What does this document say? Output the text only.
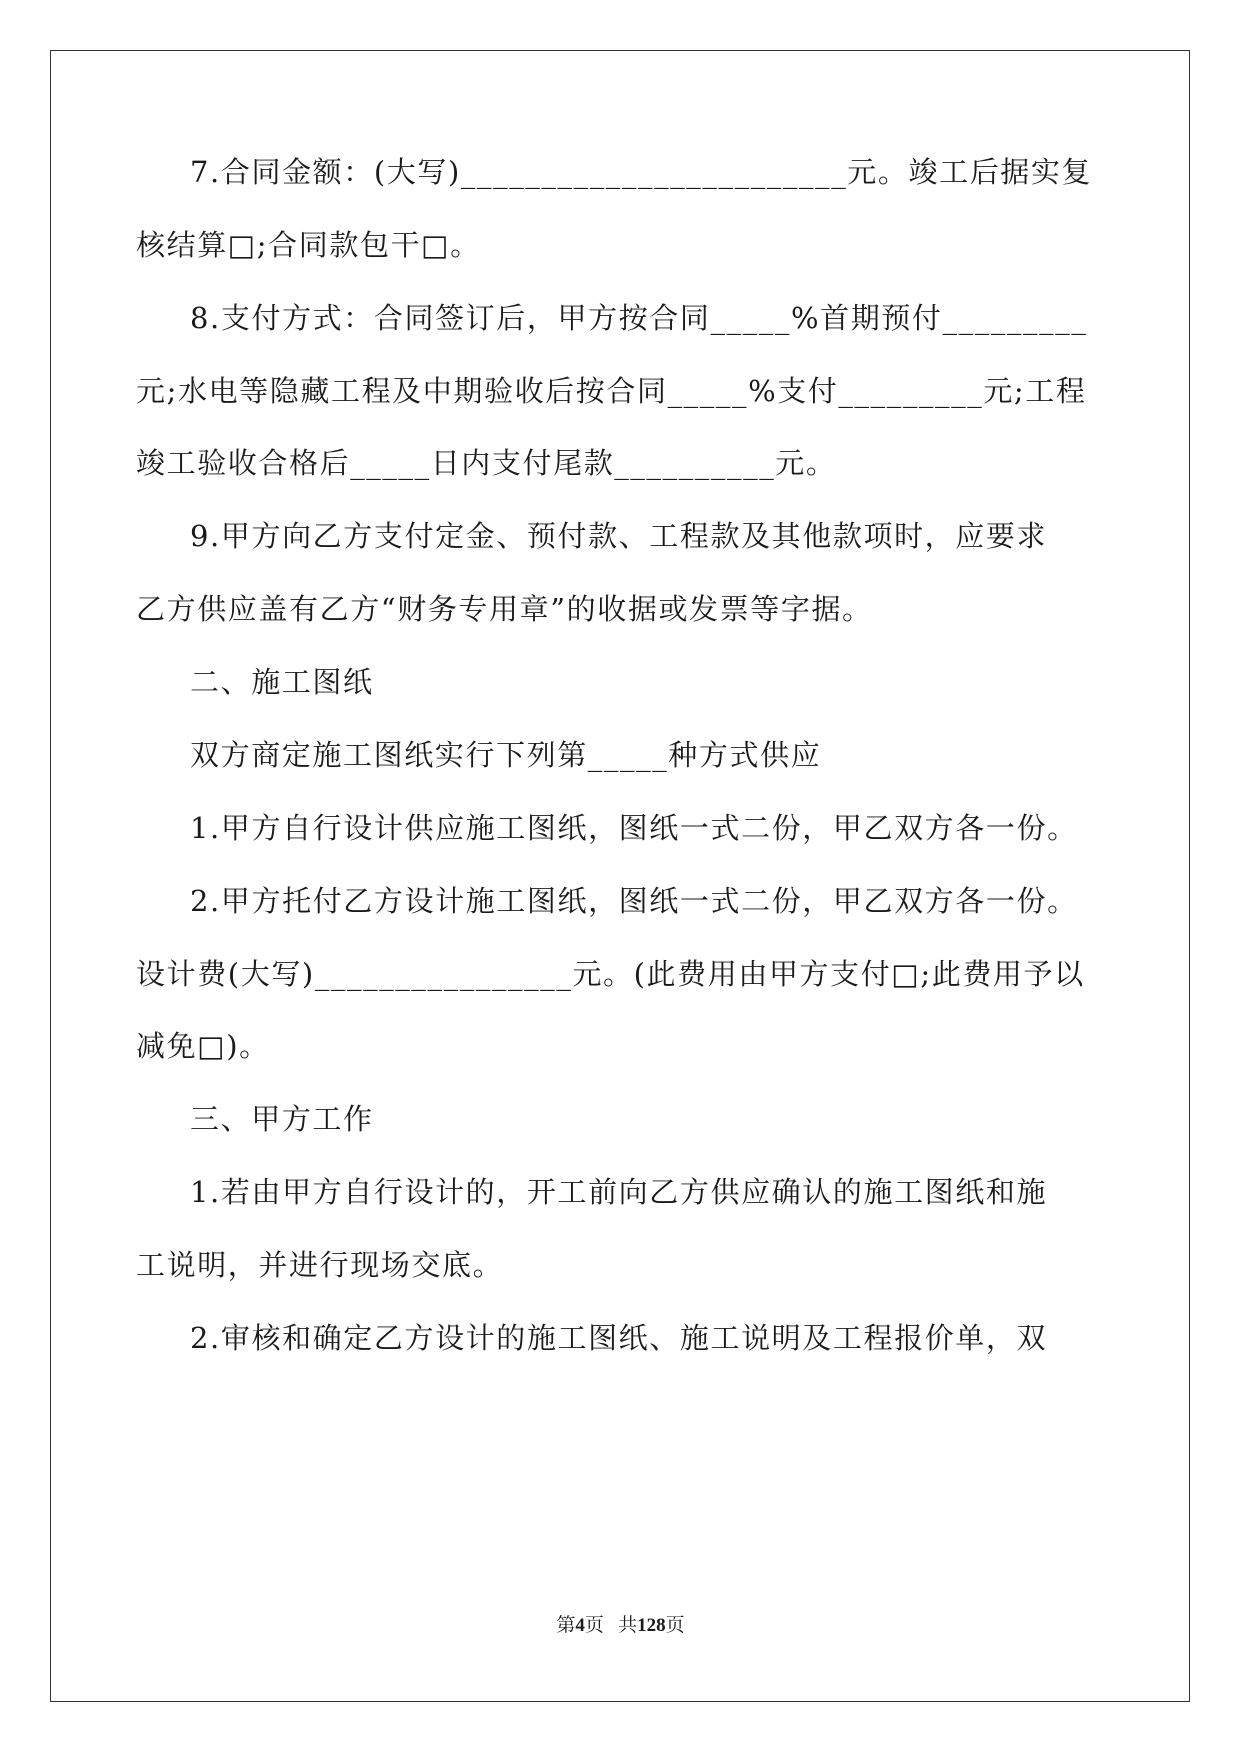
7.合同金额：(大写)________________________元。竣工后据实复
核结算□;合同款包干□。
8.支付方式：合同签订后，甲方按合同_____%首期预付_________
元;水电等隐藏工程及中期验收后按合同_____%支付_________元;工程
竣工验收合格后_____日内支付尾款__________元。
9.甲方向乙方支付定金、预付款、工程款及其他款项时，应要求
乙方供应盖有乙方“财务专用章”的收据或发票等字据。
二、施工图纸
双方商定施工图纸实行下列第_____种方式供应
1.甲方自行设计供应施工图纸，图纸一式二份，甲乙双方各一份。
2.甲方托付乙方设计施工图纸，图纸一式二份，甲乙双方各一份。
设计费(大写)________________元。(此费用由甲方支付□;此费用予以
减免□)。
三、甲方工作
1.若由甲方自行设计的，开工前向乙方供应确认的施工图纸和施
工说明，并进行现场交底。
2.审核和确定乙方设计的施工图纸、施工说明及工程报价单，双
第4页   共128页
